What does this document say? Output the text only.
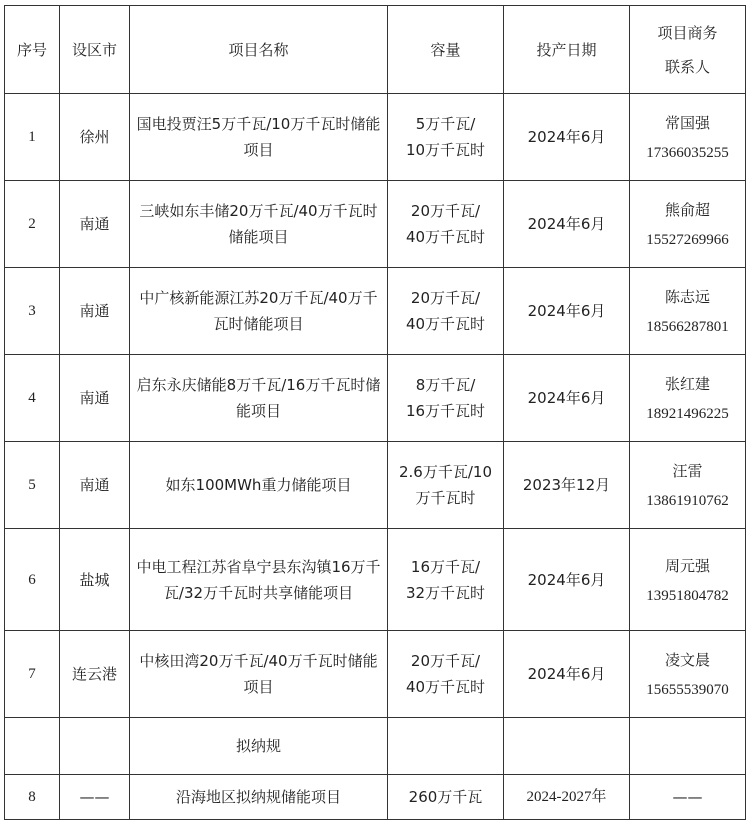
序号	设区市	项目名称	容量	投产日期	项目商务
联系人

1	徐州	国电投贾汪5万千瓦/10万千瓦时储能项目	5万千瓦/
10万千瓦时	2024年6月	常国强
17366035255

2	南通	三峡如东丰储20万千瓦/40万千瓦时储能项目	20万千瓦/
40万千瓦时	2024年6月	熊俞超
15527269966

3	南通	中广核新能源江苏20万千瓦/40万千瓦时储能项目	20万千瓦/
40万千瓦时	2024年6月	陈志远
18566287801

4	南通	启东永庆储能8万千瓦/16万千瓦时储能项目	8万千瓦/
16万千瓦时	2024年6月	张红建
18921496225

5	南通	如东100MWh重力储能项目	2.6万千瓦/10
万千瓦时	2023年12月	汪雷
13861910762

6	盐城	中电工程江苏省阜宁县东沟镇16万千瓦/32万千瓦时共享储能项目	16万千瓦/
32万千瓦时	2024年6月	周元强
13951804782

7	连云港	中核田湾20万千瓦/40万千瓦时储能项目	20万千瓦/
40万千瓦时	2024年6月	凌文晨
15655539070

		拟纳规			
8	——	沿海地区拟纳规储能项目	260万千瓦	2024-2027年	——
